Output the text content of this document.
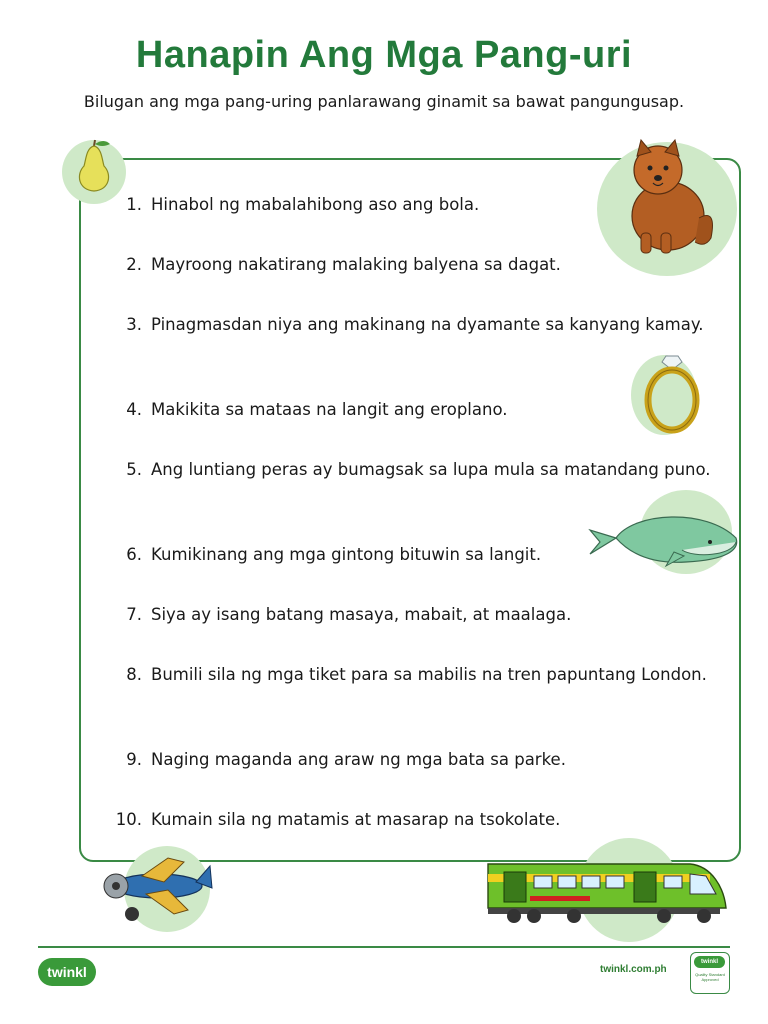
Hanapin Ang Mga Pang-uri
Bilugan ang mga pang-uring panlarawang ginamit sa bawat pangungusap.
1. Hinabol ng mabalahibong aso ang bola.
2. Mayroong nakatirang malaking balyena sa dagat.
3. Pinagmasdan niya ang makinang na dyamante sa kanyang kamay.
4. Makikita sa mataas na langit ang eroplano.
5. Ang luntiang peras ay bumagsak sa lupa mula sa matandang puno.
6. Kumikinang ang mga gintong bituwin sa langit.
7. Siya ay isang batang masaya, mabait, at maalaga.
8. Bumili sila ng mga tiket para sa mabilis na tren papuntang London.
9. Naging maganda ang araw ng mga bata sa parke.
10. Kumain sila ng matamis at masarap na tsokolate.
twinkl	twinkl.com.ph
twinkl
Quality Standard Approved
